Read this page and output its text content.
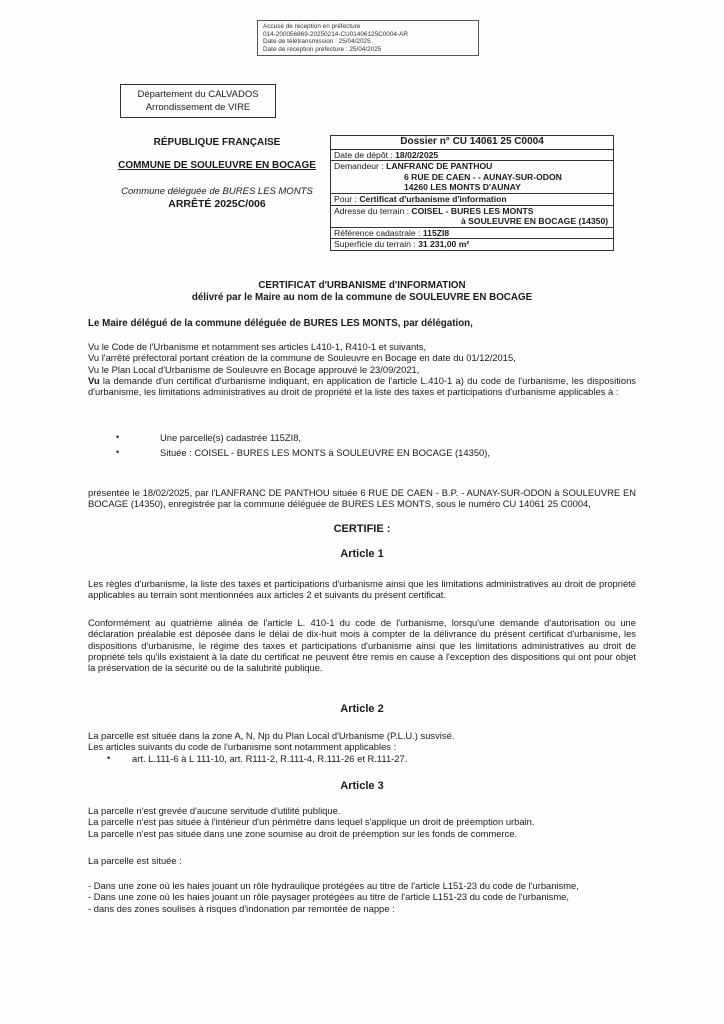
Accusé de réception en préfecture
014-200056869-20250214-CU01406125C0004-AR
Date de télétransmission : 25/04/2025
Date de réception préfecture : 25/04/2025
Département du CALVADOS
Arrondissement de VIRE
RÉPUBLIQUE FRANÇAISE
COMMUNE DE SOULEUVRE EN BOCAGE
Commune déléguée de BURES LES MONTS
ARRÊTÉ 2025C/006
Dossier n° CU 14061 25 C0004
Date de dépôt : 18/02/2025
Demandeur : LANFRANC DE PANTHOU
6 RUE DE CAEN - - AUNAY-SUR-ODON
14260 LES MONTS D'AUNAY
Pour : Certificat d'urbanisme d'information
Adresse du terrain : COISEL - BURES LES MONTS
à SOULEUVRE EN BOCAGE (14350)
Référence cadastrale : 115ZI8
Superficie du terrain : 31 231,00 m²
CERTIFICAT d'URBANISME d'INFORMATION
délivré par le Maire au nom de la commune de SOULEUVRE EN BOCAGE
Le Maire délégué de la commune déléguée de BURES LES MONTS, par délégation,

Vu le Code de l'Urbanisme et notamment ses articles L410-1, R410-1 et suivants,

Vu l'arrêté préfectoral portant création de la commune de Souleuvre en Bocage en date du 01/12/2015,

Vu le Plan Local d'Urbanisme de Souleuvre en Bocage approuvé le 23/09/2021,

Vu la demande d'un certificat d'urbanisme indiquant, en application de l'article L.410-1 a) du code de l'urbanisme, les dispositions d'urbanisme, les limitations administratives au droit de propriété et la liste des taxes et participations d'urbanisme applicables à :

•	Une parcelle(s) cadastrée 115ZI8,
•	Située : COISEL - BURES LES MONTS à SOULEUVRE EN BOCAGE (14350),
présentée le 18/02/2025, par l'LANFRANC DE PANTHOU située 6 RUE DE CAEN - B.P. - AUNAY-SUR-ODON à SOULEUVRE EN BOCAGE (14350), enregistrée par la commune déléguée de BURES LES MONTS, sous le numéro CU 14061 25 C0004,
CERTIFIE :
Article 1
Les règles d'urbanisme, la liste des taxes et participations d'urbanisme ainsi que les limitations administratives au droit de propriété applicables au terrain sont mentionnées aux articles 2 et suivants du présent certificat.
Conformément au quatrième alinéa de l'article L. 410-1 du code de l'urbanisme, lorsqu'une demande d'autorisation ou une déclaration préalable est déposée dans le délai de dix-huit mois à compter de la délivrance du présent certificat d'urbanisme, les dispositions d'urbanisme, le régime des taxes et participations d'urbanisme ainsi que les limitations administratives au droit de propriété tels qu'ils existaient à la date du certificat ne peuvent être remis en cause à l'exception des dispositions qui ont pour objet la préservation de la sécurité ou de la salubrité publique.
Article 2

La parcelle est située dans la zone A, N, Np du Plan Local d'Urbanisme (P.L.U.) susvisé.

Les articles suivants du code de l'urbanisme sont notamment applicables :

• art. L.111-6 à L 111-10, art. R111-2, R.111-4, R.111-26 et R.111-27.
Article 3

La parcelle n'est grevée d'aucune servitude d'utilité publique.

La parcelle n'est pas située à l'intérieur d'un périmètre dans lequel s'applique un droit de préemption urbain.

La parcelle n'est pas située dans une zone soumise au droit de préemption sur les fonds de commerce.

La parcelle est située :

- Dans une zone où les haies jouant un rôle hydraulique protégées au titre de l'article L151-23 du code de l'urbanisme,

- Dans une zone où les haies jouant un rôle paysager protégées au titre de l'article L151-23 du code de l'urbanisme,

- dans des zones soulises à risques d'indonation par remontée de nappe :
